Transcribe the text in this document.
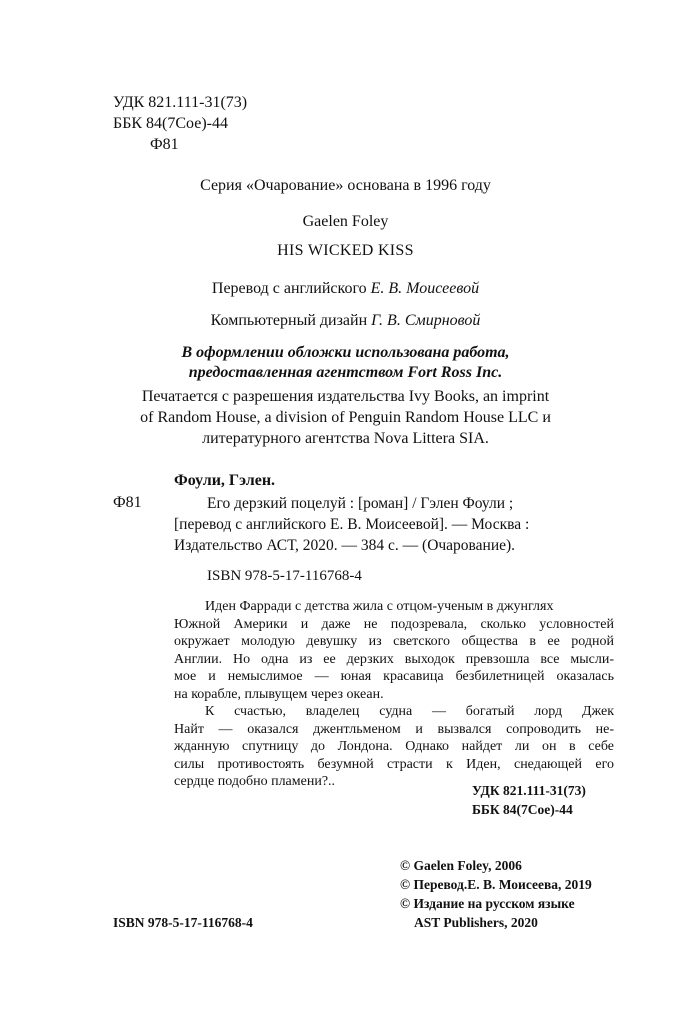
УДК 821.111-31(73)
ББК 84(7Сое)-44
Ф81
Серия «Очарование» основана в 1996 году
Gaelen Foley
HIS WICKED KISS
Перевод с английского Е. В. Моисеевой
Компьютерный дизайн Г. В. Смирновой
В оформлении обложки использована работа,
предоставленная агентством Fort Ross Inc.
Печатается с разрешения издательства Ivy Books, an imprint
of Random House, a division of Penguin Random House LLC и
литературного агентства Nova Littera SIA.
Фоули, Гэлен.
Ф81	Его дерзкий поцелуй : [роман] / Гэлен Фоули ;
[перевод с английского Е. В. Моисеевой]. — Москва :
Издательство АСТ, 2020. — 384 с. — (Очарование).
ISBN 978-5-17-116768-4
Иден Фарради с детства жила с отцом-ученым в джунглях
Южной Америки и даже не подозревала, сколько условностей
окружает молодую девушку из светского общества в ее родной
Англии. Но одна из ее дерзких выходок превзошла все мысли-
мое и немыслимое — юная красавица безбилетницей оказалась
на корабле, плывущем через океан.
К счастью, владелец судна — богатый лорд Джек
Найт — оказался джентльменом и вызвался сопроводить не-
жданную спутницу до Лондона. Однако найдет ли он в себе
силы противостоять безумной страсти к Иден, снедающей его
сердце подобно пламени?..
УДК 821.111-31(73)
ББК 84(7Сое)-44
© Gaelen Foley, 2006
© Перевод.Е. В. Моисеева, 2019
© Издание на русском языке
AST Publishers, 2020
ISBN 978-5-17-116768-4
